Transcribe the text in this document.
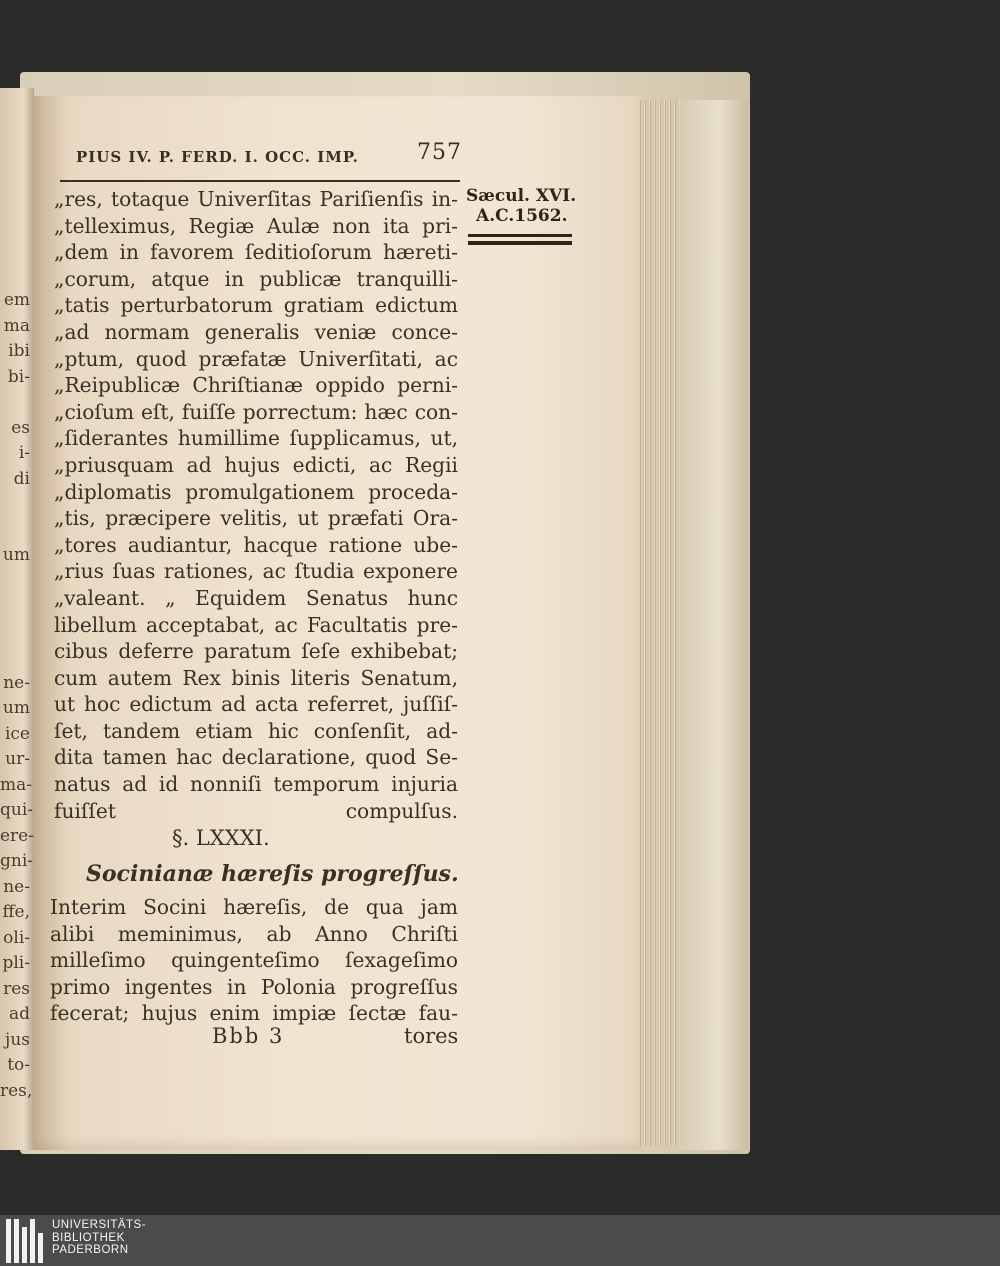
em
ma
ibi
bi-
es
i-
di
um
ne-
um
ice
ur-
ma-
qui-
ere-
gni-
ne-
ffe,
oli-
pli-
res
ad
jus
to-
res,
PIUS IV. P. FERD. I. OCC. IMP.	757
Sæcul. XVI.
A.C.1562.
„res, totaque Univerſitas Pariſienſis in-
„telleximus, Regiæ Aulæ non ita pri-
„dem in favorem ſeditioſorum hæreti-
„corum, atque in publicæ tranquilli-
„tatis perturbatorum gratiam edictum
„ad normam generalis veniæ conce-
„ptum, quod præfatæ Univerſitati, ac
„Reipublicæ Chriſtianæ oppido perni-
„cioſum eſt, fuiſſe porrectum: hæc con-
„ſiderantes humillime ſupplicamus, ut,
„priusquam ad hujus edicti, ac Regii
„diplomatis promulgationem proceda-
„tis, præcipere velitis, ut præfati Ora-
„tores audiantur, hacque ratione ube-
„rius ſuas rationes, ac ſtudia exponere
„valeant. „ Equidem Senatus hunc
libellum acceptabat, ac Facultatis pre-
cibus deferre paratum ſeſe exhibebat;
cum autem Rex binis literis Senatum,
ut hoc edictum ad acta referret, juſſiſ-
ſet, tandem etiam hic conſenſit, ad-
dita tamen hac declaratione, quod Se-
natus ad id nonniſi temporum injuria
fuiſſet compulſus.
§. LXXXI.
Socinianæ hæreſis progreſſus.
Interim Socini hæreſis, de qua jam
alibi meminimus, ab Anno Chriſti
milleſimo quingenteſimo ſexageſimo
primo ingentes in Polonia progreſſus
fecerat; hujus enim impiæ ſectæ fau-
Bbb 3	tores
UNIVERSITÄTS-
BIBLIOTHEK
PADERBORN
